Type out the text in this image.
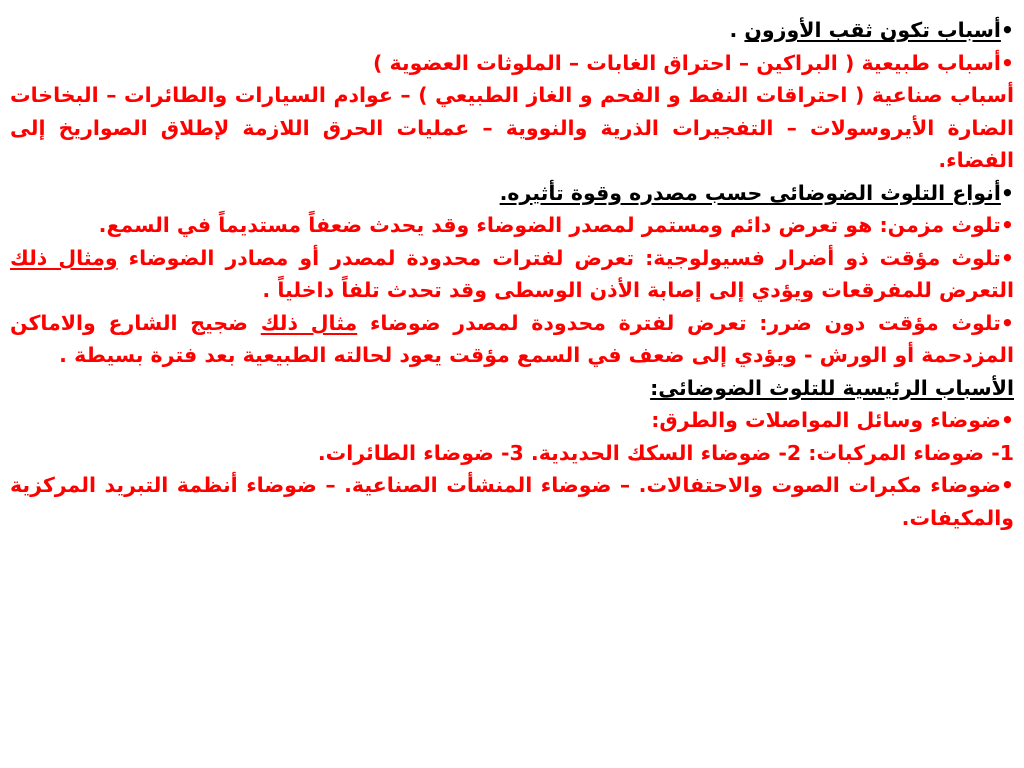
•أسباب تكون ثقب الأوزون .

•أسباب طبيعية ( البراكين – احتراق الغابات – الملوثات العضوية )

أسباب صناعية ( احتراقات النفط و الفحم و الغاز الطبيعي ) – عوادم السيارات والطائرات – البخاخات الضارة الأيروسولات – التفجيرات الذرية والنووية – عمليات الحرق اللازمة لإطلاق الصواريخ إلى الفضاء.

•أنواع التلوث الضوضائى حسب مصدره وقوة تأثيره.

•تلوث مزمن: هو تعرض دائم ومستمر لمصدر الضوضاء وقد يحدث ضعفاً مستديماً في السمع.

•تلوث مؤقت ذو أضرار فسيولوجية: تعرض لفترات محدودة لمصدر أو مصادر الضوضاء ومثال ذلك التعرض للمفرقعات ويؤدي إلى إصابة الأذن الوسطى وقد تحدث تلفاً داخلياً .

•تلوث مؤقت دون ضرر: تعرض لفترة محدودة لمصدر ضوضاء مثال ذلك ضجيج الشارع والاماكن المزدحمة أو الورش - ويؤدي إلى ضعف في السمع مؤقت يعود لحالته الطبيعية بعد فترة بسيطة .

الأسباب الرئيسية للتلوث الضوضائى:

•ضوضاء وسائل المواصلات والطرق:

1- ضوضاء المركبات: 2- ضوضاء السكك الحديدية. 3- ضوضاء الطائرات.

•ضوضاء مكبرات الصوت والاحتفالات. – ضوضاء المنشأت الصناعية. – ضوضاء أنظمة التبريد المركزية والمكيفات.
